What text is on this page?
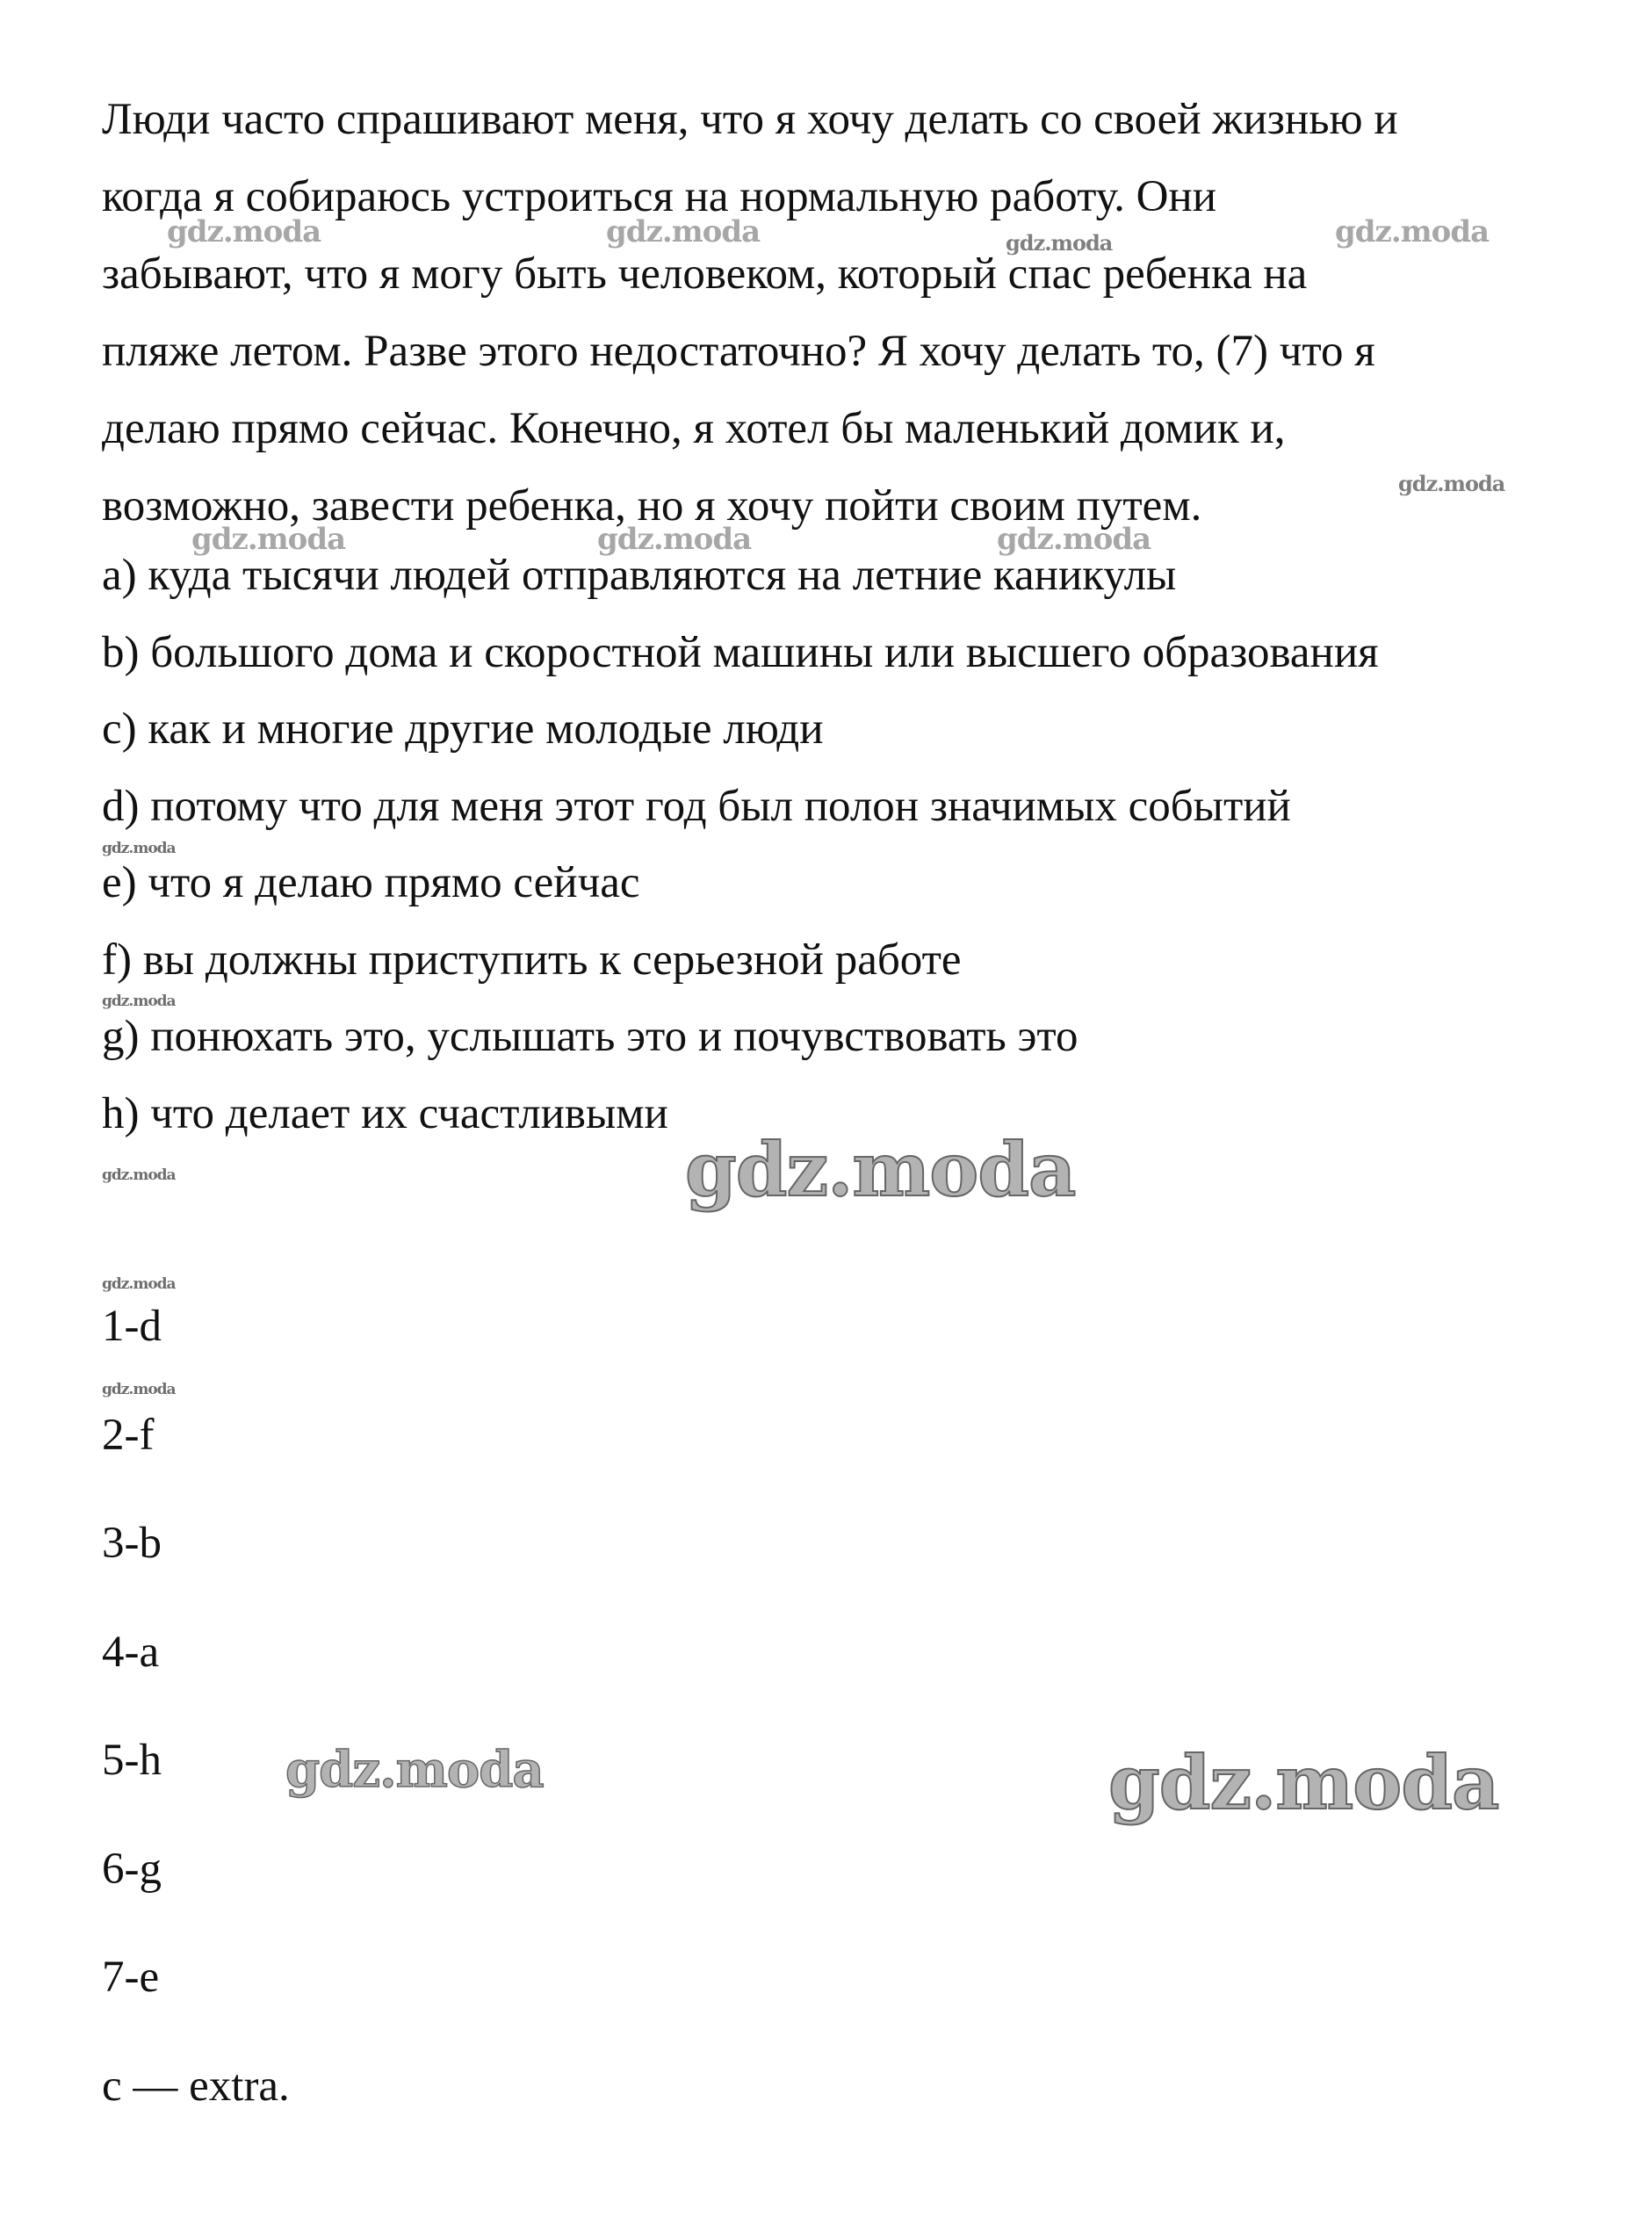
Люди часто спрашивают меня, что я хочу делать со своей жизнью и
когда я собираюсь устроиться на нормальную работу. Они
забывают, что я могу быть человеком, который спас ребенка на
пляже летом. Разве этого недостаточно? Я хочу делать то, (7) что я
делаю прямо сейчас. Конечно, я хотел бы маленький домик и,
возможно, завести ребенка, но я хочу пойти своим путем.

a) куда тысячи людей отправляются на летние каникулы
b) большого дома и скоростной машины или высшего образования
c) как и многие другие молодые люди
d) потому что для меня этот год был полон значимых событий
e) что я делаю прямо сейчас
f) вы должны приступить к серьезной работе
g) понюхать это, услышать это и почувствовать это
h) что делает их счастливыми
1-d
2-f
3-b
4-a
5-h
6-g
7-e
c — extra.
gdz.moda	gdz.moda	gdz.moda	gdz.moda
gdz.moda
gdz.moda	gdz.moda	gdz.moda
gdz.moda
gdz.moda
gdz.moda
gdz.moda
gdz.moda
gdz.moda
gdz.moda	gdz.moda
